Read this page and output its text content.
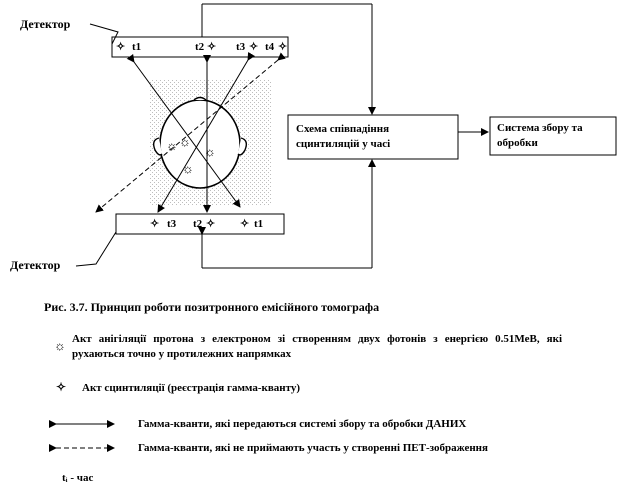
☼
☼
☼
☼
Детектор
✧ t1	t2 ✧ t3 ✧ t4 ✧
Детектор
✧ t3 t2 ✧ ✧ t1
Схема співпадіння сцинтиляцій у часі
Система збору та обробки
Рис. 3.7. Принцип роботи позитронного емісійного томографа
☼ Акт анігіляції протона з електроном зі створенням двух фотонів з енергією 0.51МеВ, які рухаються точно у протилежних напрямках
✧ Акт сцинтиляції (реєстрація гамма-кванту)
Гамма-кванти, які передаються системі збору та обробки ДАНИХ
Гамма-кванти, які не приймають участь у створенні ПЕТ-зображення
tᵢ - час
